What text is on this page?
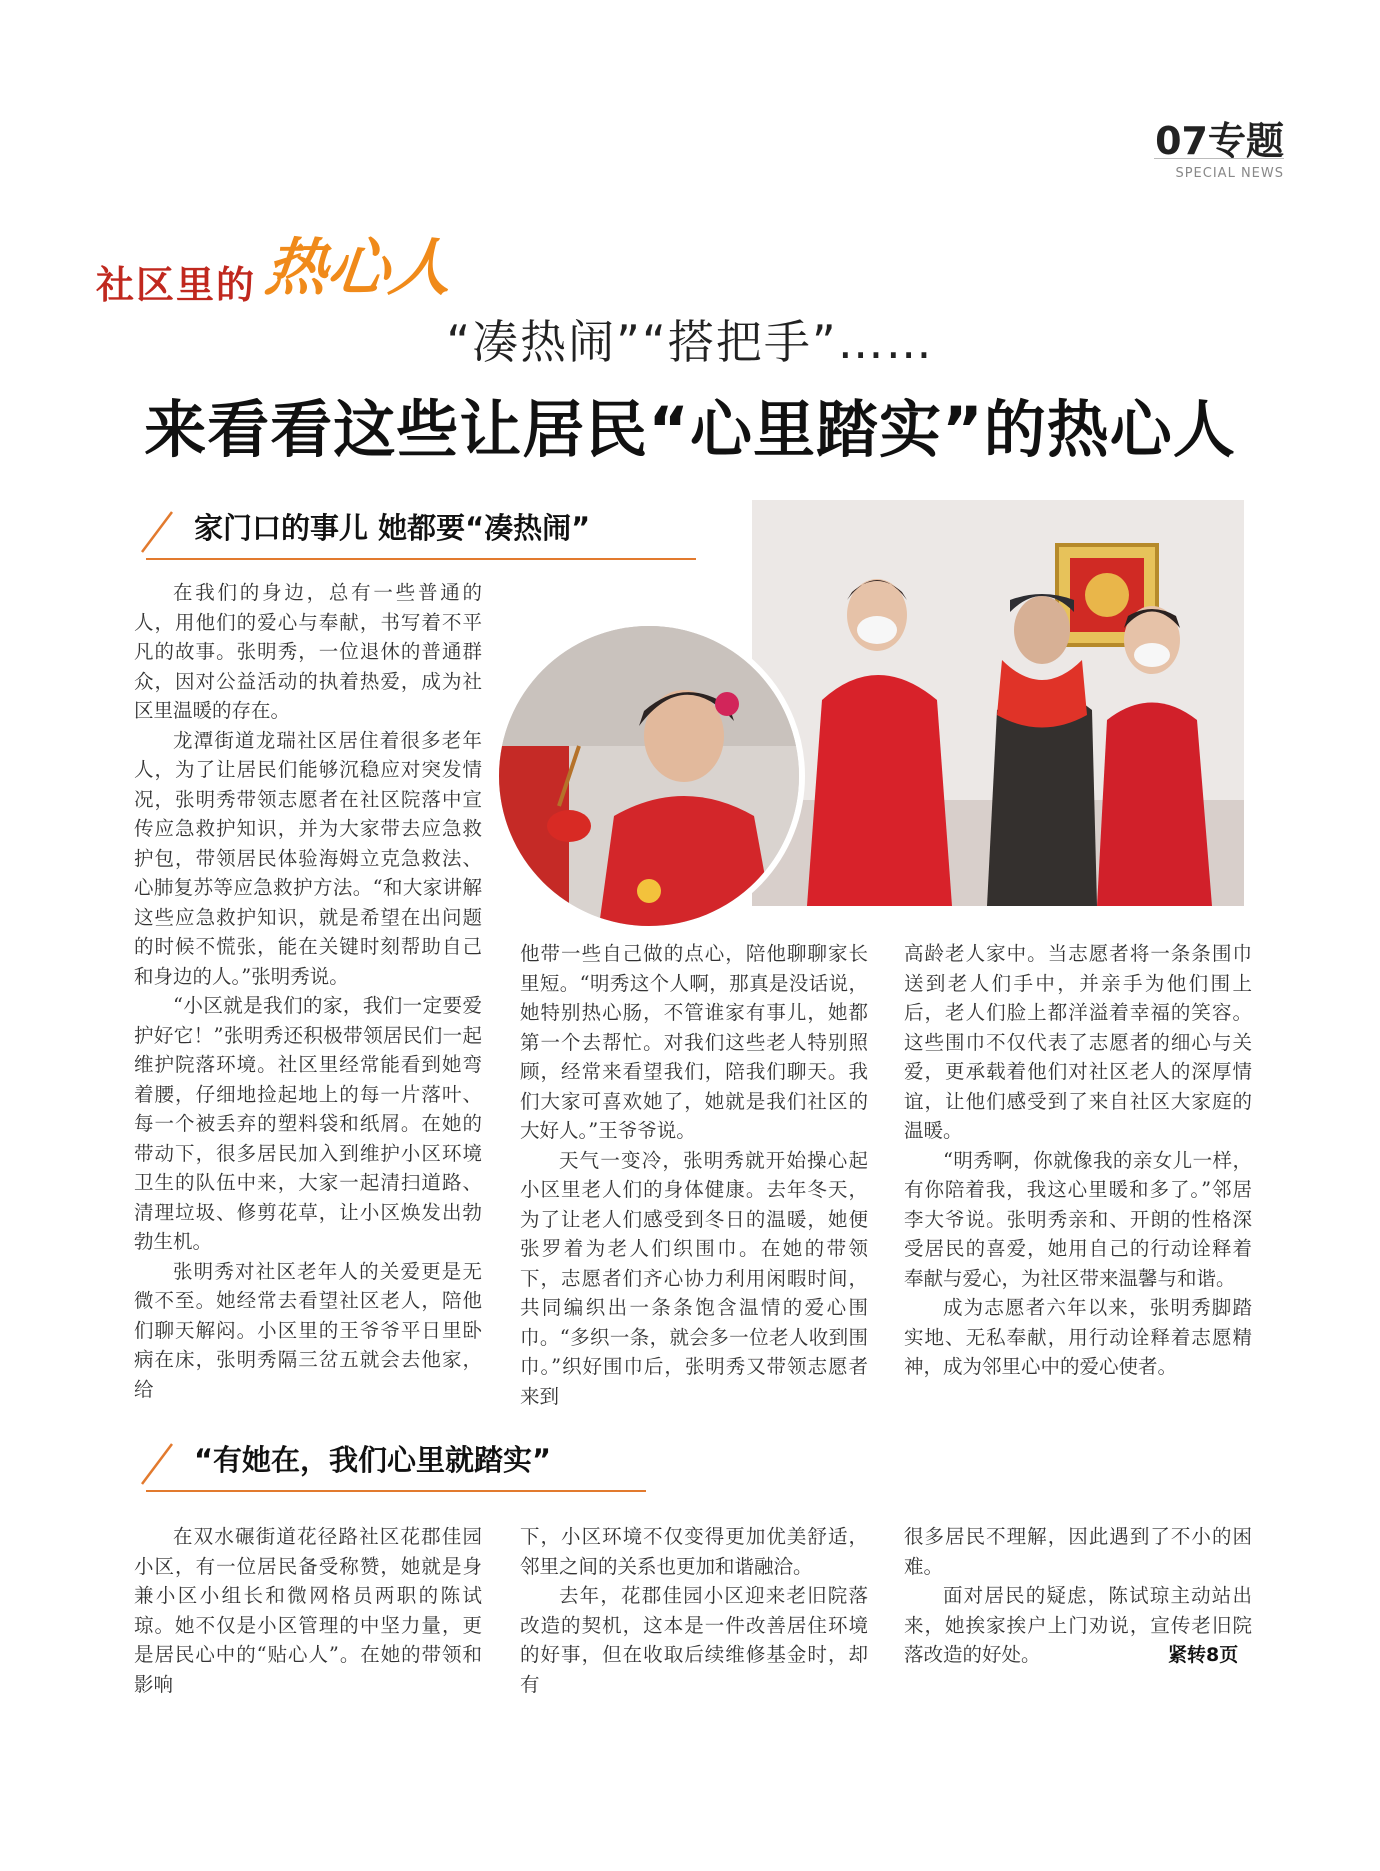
07专题
SPECIAL NEWS
社区里的 热心人
“凑热闹”“搭把手”……
来看看这些让居民“心里踏实”的热心人
家门口的事儿 她都要“凑热闹”

在我们的身边，总有一些普通的人，用他们的爱心与奉献，书写着不平凡的故事。张明秀，一位退休的普通群众，因对公益活动的执着热爱，成为社区里温暖的存在。

龙潭街道龙瑞社区居住着很多老年人，为了让居民们能够沉稳应对突发情况，张明秀带领志愿者在社区院落中宣传应急救护知识，并为大家带去应急救护包，带领居民体验海姆立克急救法、心肺复苏等应急救护方法。“和大家讲解这些应急救护知识，就是希望在出问题的时候不慌张，能在关键时刻帮助自己和身边的人。”张明秀说。

“小区就是我们的家，我们一定要爱护好它！”张明秀还积极带领居民们一起维护院落环境。社区里经常能看到她弯着腰，仔细地捡起地上的每一片落叶、每一个被丢弃的塑料袋和纸屑。在她的带动下，很多居民加入到维护小区环境卫生的队伍中来，大家一起清扫道路、清理垃圾、修剪花草，让小区焕发出勃勃生机。

张明秀对社区老年人的关爱更是无微不至。她经常去看望社区老人，陪他们聊天解闷。小区里的王爷爷平日里卧病在床，张明秀隔三岔五就会去他家，给

他带一些自己做的点心，陪他聊聊家长里短。“明秀这个人啊，那真是没话说，她特别热心肠，不管谁家有事儿，她都第一个去帮忙。对我们这些老人特别照顾，经常来看望我们，陪我们聊天。我们大家可喜欢她了，她就是我们社区的大好人。”王爷爷说。

天气一变冷，张明秀就开始操心起小区里老人们的身体健康。去年冬天，为了让老人们感受到冬日的温暖，她便张罗着为老人们织围巾。在她的带领下，志愿者们齐心协力利用闲暇时间，共同编织出一条条饱含温情的爱心围巾。“多织一条，就会多一位老人收到围巾。”织好围巾后，张明秀又带领志愿者来到

高龄老人家中。当志愿者将一条条围巾送到老人们手中，并亲手为他们围上后，老人们脸上都洋溢着幸福的笑容。这些围巾不仅代表了志愿者的细心与关爱，更承载着他们对社区老人的深厚情谊，让他们感受到了来自社区大家庭的温暖。

“明秀啊，你就像我的亲女儿一样，有你陪着我，我这心里暖和多了。”邻居李大爷说。张明秀亲和、开朗的性格深受居民的喜爱，她用自己的行动诠释着奉献与爱心，为社区带来温馨与和谐。

成为志愿者六年以来，张明秀脚踏实地、无私奉献，用行动诠释着志愿精神，成为邻里心中的爱心使者。

“有她在，我们心里就踏实”

在双水碾街道花径路社区花郡佳园小区，有一位居民备受称赞，她就是身兼小区小组长和微网格员两职的陈试琼。她不仅是小区管理的中坚力量，更是居民心中的“贴心人”。在她的带领和影响

下，小区环境不仅变得更加优美舒适，邻里之间的关系也更加和谐融洽。

去年，花郡佳园小区迎来老旧院落改造的契机，这本是一件改善居住环境的好事，但在收取后续维修基金时，却有

很多居民不理解，因此遇到了不小的困难。

面对居民的疑虑，陈试琼主动站出来，她挨家挨户上门劝说，宣传老旧院落改造的好处。	紧转8页
